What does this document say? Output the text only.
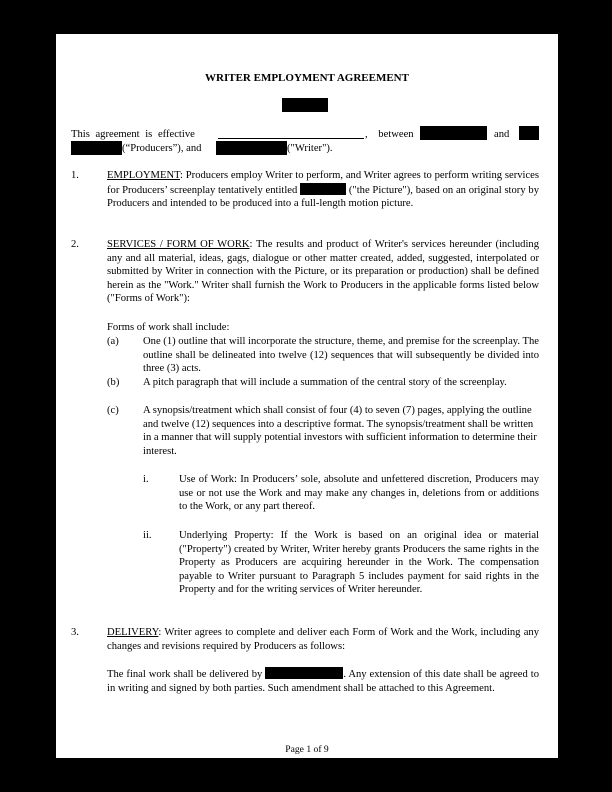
WRITER EMPLOYMENT AGREEMENT
This agreement is effective	, between	and
(“Producers”), and	("Writer").
1.	EMPLOYMENT: Producers employ Writer to perform, and Writer agrees to perform writing services for Producers’ screenplay tentatively entitled	("the Picture"), based on an original story by Producers and intended to be produced into a full-length motion picture.
2.	SERVICES / FORM OF WORK: The results and product of Writer's services hereunder (including any and all material, ideas, gags, dialogue or other matter created, added, suggested, interpolated or submitted by Writer in connection with the Picture, or its preparation or production) shall be defined herein as the "Work." Writer shall furnish the Work to Producers in the applicable forms listed below ("Forms of Work"):
Forms of work shall include:
(a) One (1) outline that will incorporate the structure, theme, and premise for the screenplay. The outline shall be delineated into twelve (12) sequences that will subsequently be divided into three (3) acts.
(b) A pitch paragraph that will include a summation of the central story of the screenplay.
(c) A synopsis/treatment which shall consist of four (4) to seven (7) pages, applying the outline and twelve (12) sequences into a descriptive format. The synopsis/treatment shall be written in a manner that will supply potential investors with sufficient information to determine their interest.
i.	Use of Work: In Producers’ sole, absolute and unfettered discretion, Producers may use or not use the Work and may make any changes in, deletions from or additions to the Work, or any part thereof.
ii.	Underlying Property: If the Work is based on an original idea or material ("Property") created by Writer, Writer hereby grants Producers the same rights in the Property as Producers are acquiring hereunder in the Work. The compensation payable to Writer pursuant to Paragraph 5 includes payment for said rights in the Property and for the writing services of Writer hereunder.
3.	DELIVERY: Writer agrees to complete and deliver each Form of Work and the Work, including any changes and revisions required by Producers as follows:
The final work shall be delivered by	. Any extension of this date shall be agreed to in writing and signed by both parties. Such amendment shall be attached to this Agreement.
Page 1 of 9
